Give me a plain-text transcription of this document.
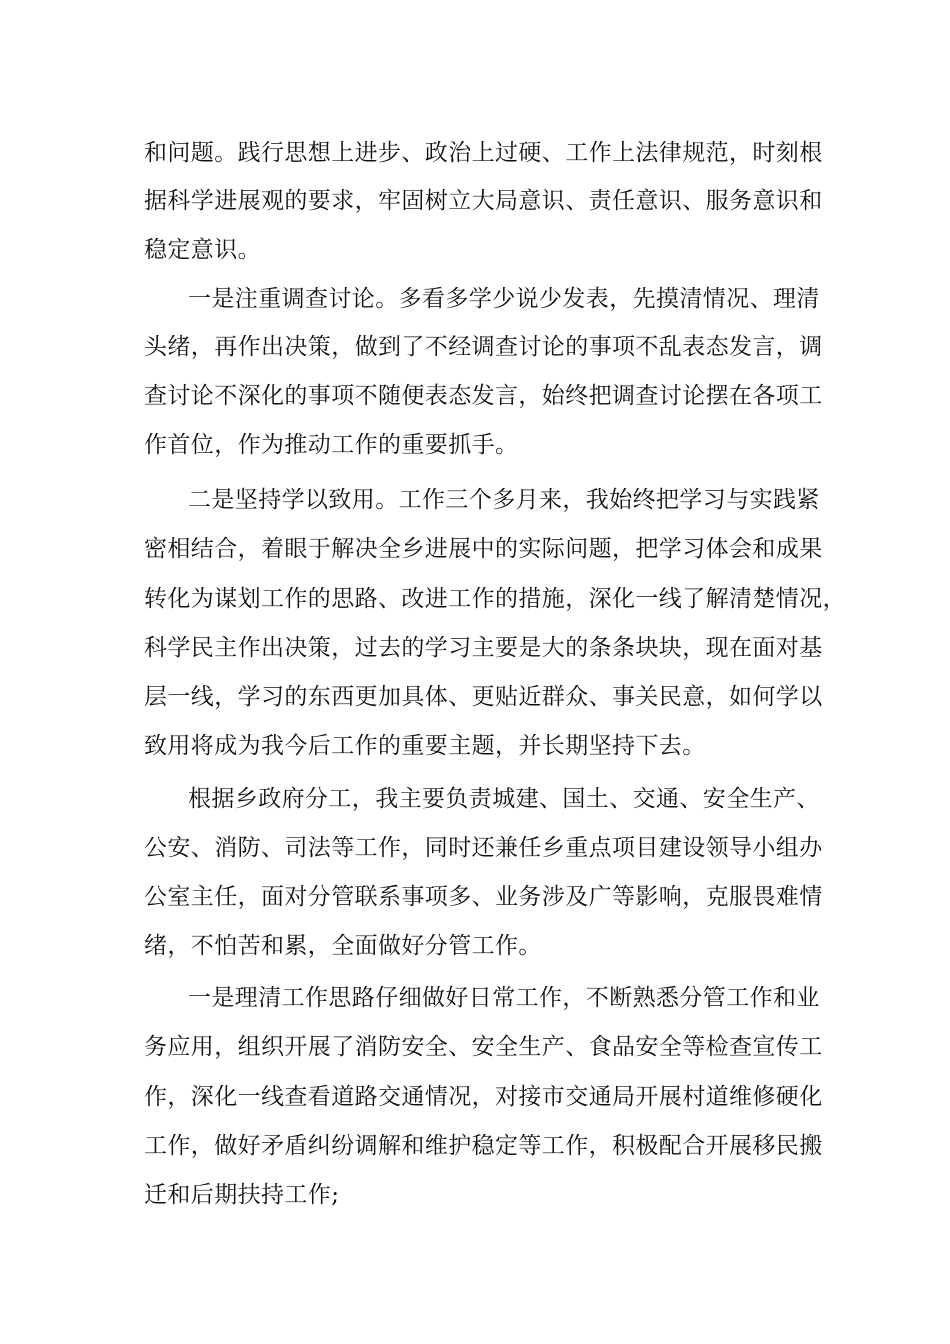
和问题。践行思想上进步、政治上过硬、工作上法律规范，时刻根
据科学进展观的要求，牢固树立大局意识、责任意识、服务意识和
稳定意识。
一是注重调查讨论。多看多学少说少发表，先摸清情况、理清
头绪，再作出决策，做到了不经调查讨论的事项不乱表态发言，调
查讨论不深化的事项不随便表态发言，始终把调查讨论摆在各项工
作首位，作为推动工作的重要抓手。
二是坚持学以致用。工作三个多月来，我始终把学习与实践紧
密相结合，着眼于解决全乡进展中的实际问题，把学习体会和成果
转化为谋划工作的思路、改进工作的措施，深化一线了解清楚情况，
科学民主作出决策，过去的学习主要是大的条条块块，现在面对基
层一线，学习的东西更加具体、更贴近群众、事关民意，如何学以
致用将成为我今后工作的重要主题，并长期坚持下去。
根据乡政府分工，我主要负责城建、国土、交通、安全生产、
公安、消防、司法等工作，同时还兼任乡重点项目建设领导小组办
公室主任，面对分管联系事项多、业务涉及广等影响，克服畏难情
绪，不怕苦和累，全面做好分管工作。
一是理清工作思路仔细做好日常工作，不断熟悉分管工作和业
务应用，组织开展了消防安全、安全生产、食品安全等检查宣传工
作，深化一线查看道路交通情况，对接市交通局开展村道维修硬化
工作，做好矛盾纠纷调解和维护稳定等工作，积极配合开展移民搬
迁和后期扶持工作;
